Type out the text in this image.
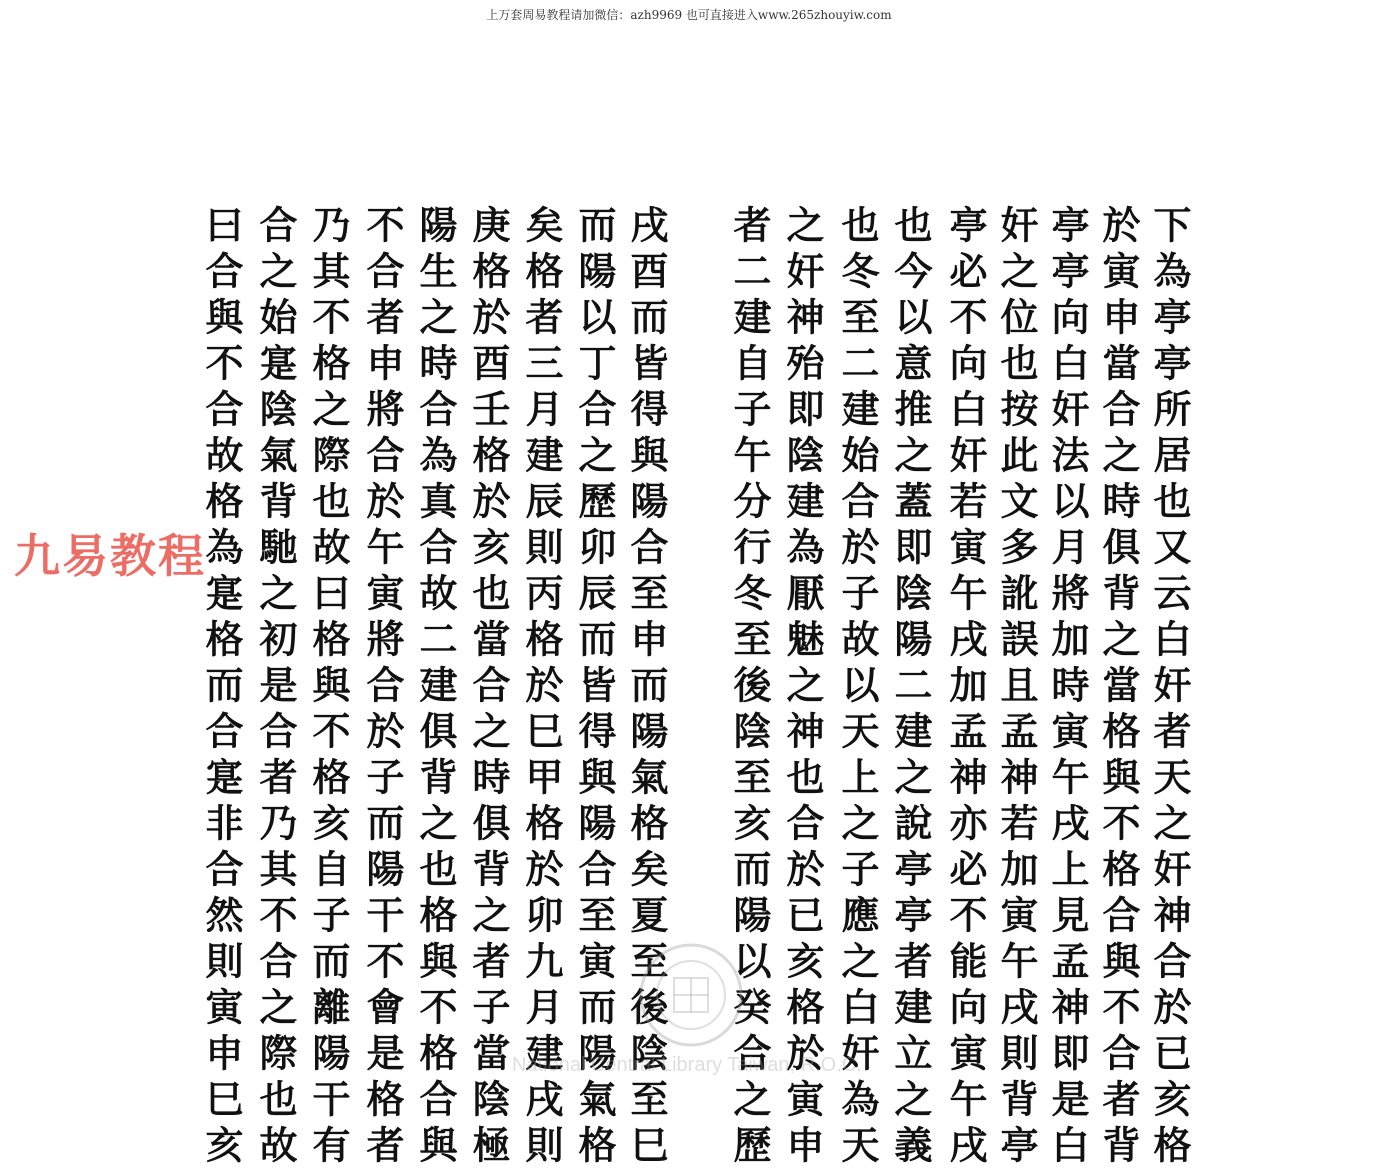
上万套周易教程请加微信：azh9969 也可直接进入www.265zhouyiw.com
下為亭亭所居也又云白奸者天之奸神合於已亥格
於寅申當合之時俱背之當格與不格合與不合者背
亭亭向白奸法以月將加時寅午戌上見孟神即是白
奸之位也按此文多訛誤且孟神若加寅午戌則背亭
亭必不向白奸若寅午戌加孟神亦必不能向寅午戌
也今以意推之蓋即陰陽二建之說亭亭者建立之義
也冬至二建始合於子故以天上之子應之白奸為天
之奸神殆即陰建為厭魅之神也合於已亥格於寅申
者二建自子午分行冬至後陰至亥而陽以癸合之歷
戌酉而皆得與陽合至申而陽氣格矣夏至後陰至巳
而陽以丁合之歷卯辰而皆得與陽合至寅而陽氣格
矣格者三月建辰則丙格於巳甲格於卯九月建戌則
庚格於酉壬格於亥也當合之時俱背之者子當陰極
陽生之時合為真合故二建俱背之也格與不格合與
不合者申將合於午寅將合於子而陽干不會是格者
乃其不格之際也故曰格與不格亥自子而離陽干有
合之始寔陰氣背馳之初是合者乃其不合之際也故
曰合與不合故格為寔格而合寔非合然則寅申巳亥
九易教程
National Central Library Taiwan, R.O.C.
